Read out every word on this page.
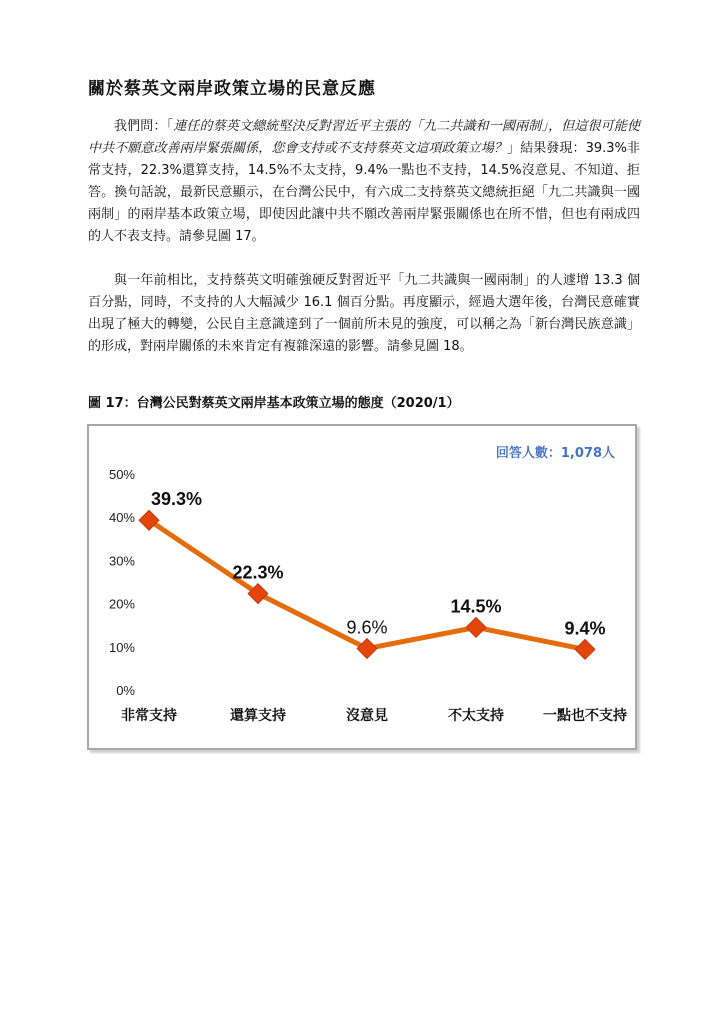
關於蔡英文兩岸政策立場的民意反應

我們問：「連任的蔡英文總統堅決反對習近平主張的「九二共識和一國兩制」，但這很可能使中共不願意改善兩岸緊張關係，您會支持或不支持蔡英文這項政策立場？」結果發現：39.3%非常支持，22.3%還算支持，14.5%不太支持，9.4%一點也不支持，14.5%沒意見、不知道、拒答。換句話說，最新民意顯示，在台灣公民中，有六成二支持蔡英文總統拒絕「九二共識與一國兩制」的兩岸基本政策立場，即使因此讓中共不願改善兩岸緊張關係也在所不惜，但也有兩成四的人不表支持。請參見圖 17。

與一年前相比，支持蔡英文明確強硬反對習近平「九二共識與一國兩制」的人遽增 13.3 個百分點，同時，不支持的人大幅減少 16.1 個百分點。再度顯示，經過大選年後，台灣民意確實出現了極大的轉變，公民自主意識達到了一個前所未見的強度，可以稱之為「新台灣民族意識」的形成，對兩岸關係的未來肯定有複雜深遠的影響。請參見圖 18。

圖 17：台灣公民對蔡英文兩岸基本政策立場的態度（2020/1）

回答人數：1,078人
0%
10%
20%
30%
40%
50%
39.3%
非常支持
22.3%
還算支持
9.6%
沒意見
14.5%
不太支持
9.4%
一點也不支持
